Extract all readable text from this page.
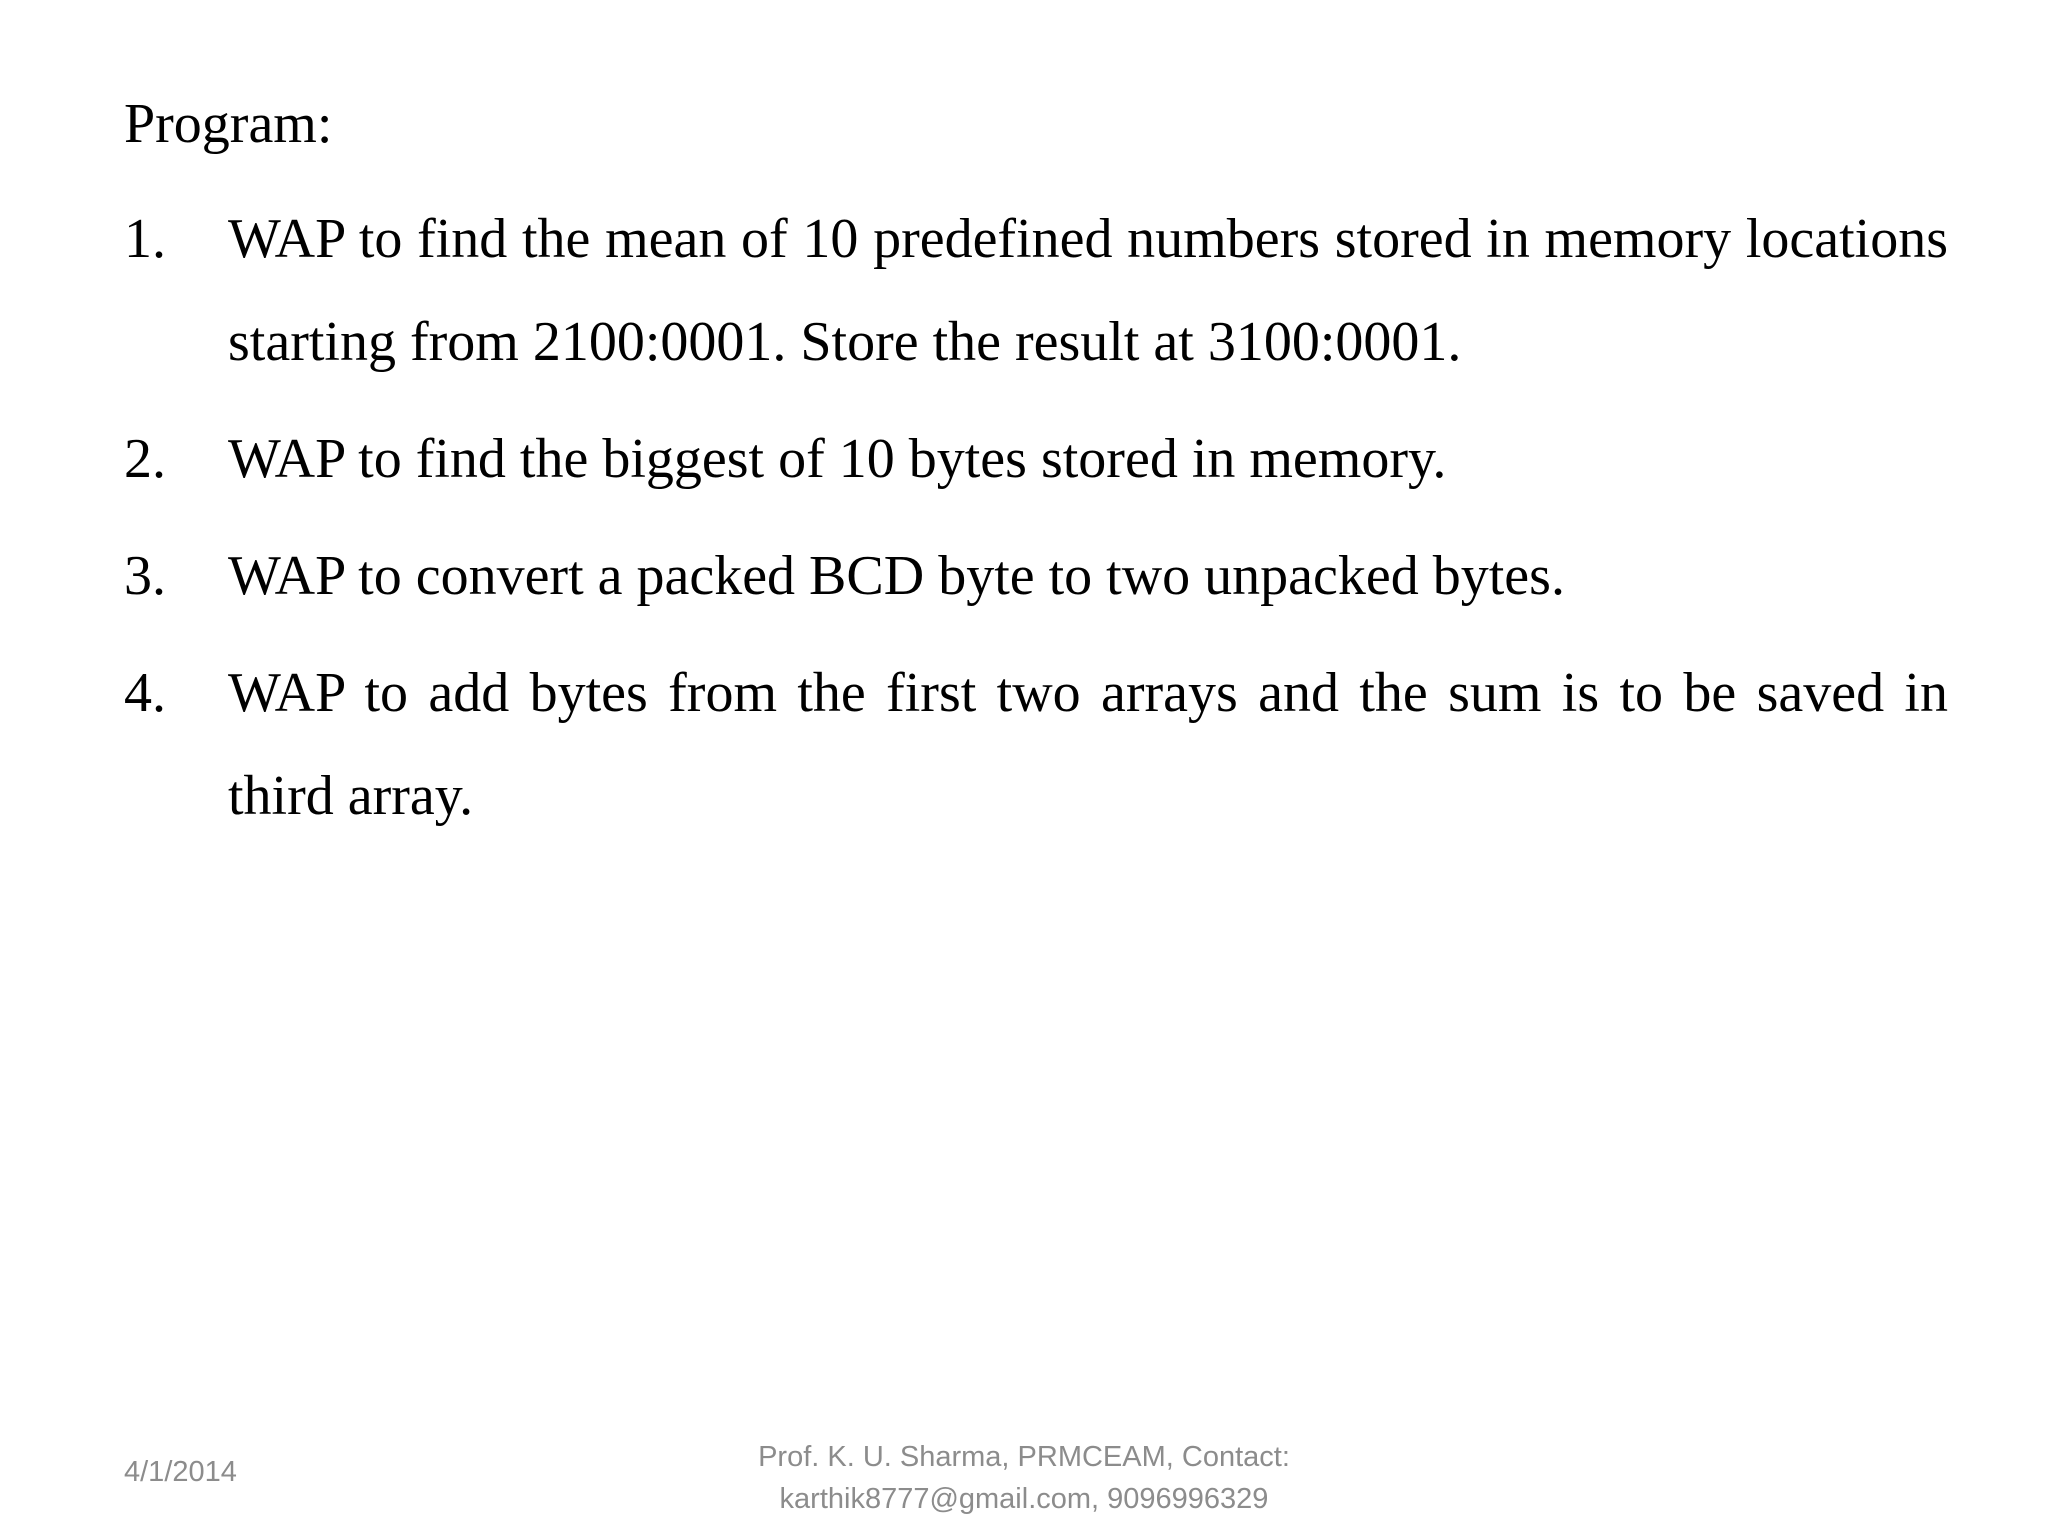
Program:
1.	WAP to find the mean of 10 predefined numbers stored in memory locations starting from 2100:0001. Store the result at 3100:0001.
2.	WAP to find the biggest of 10 bytes stored in memory.
3.	WAP to convert a packed BCD byte to two unpacked bytes.
4.	WAP to add bytes from the first two arrays and the sum is to be saved in third array.
4/1/2014	Prof. K. U. Sharma, PRMCEAM, Contact:
karthik8777@gmail.com, 9096996329
